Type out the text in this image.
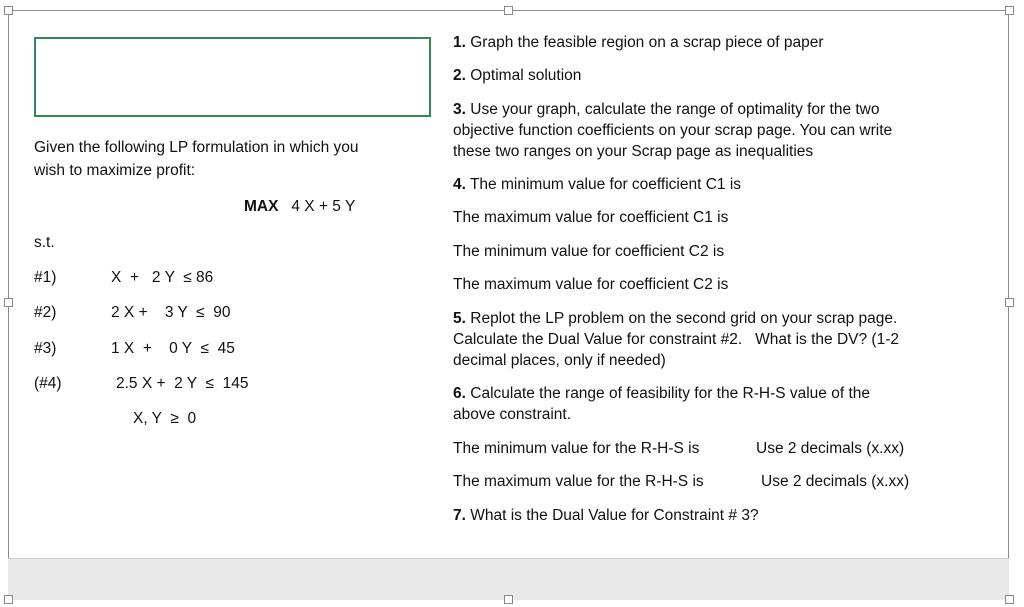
Given the following LP formulation in which you
wish to maximize profit:
MAX 4 X + 5 Y
s.t.
#1)	X  +   2 Y  ≤ 86
#2)	2 X +    3 Y  ≤  90
#3)	1 X  +    0 Y  ≤  45
(#4)	2.5 X +  2 Y  ≤  145
X, Y  ≥  0
1. Graph the feasible region on a scrap piece of paper
2. Optimal solution
3. Use your graph, calculate the range of optimality for the two
objective function coefficients on your scrap page. You can write
these two ranges on your Scrap page as inequalities
4. The minimum value for coefficient C1 is
The maximum value for coefficient C1 is
The minimum value for coefficient C2 is
The maximum value for coefficient C2 is
5. Replot the LP problem on the second grid on your scrap page.
Calculate the Dual Value for constraint #2.   What is the DV? (1-2
decimal places, only if needed)
6. Calculate the range of feasibility for the R-H-S value of the
above constraint.
The minimum value for the R-H-S is	Use 2 decimals (x.xx)
The maximum value for the R-H-S is	Use 2 decimals (x.xx)
7. What is the Dual Value for Constraint # 3?
